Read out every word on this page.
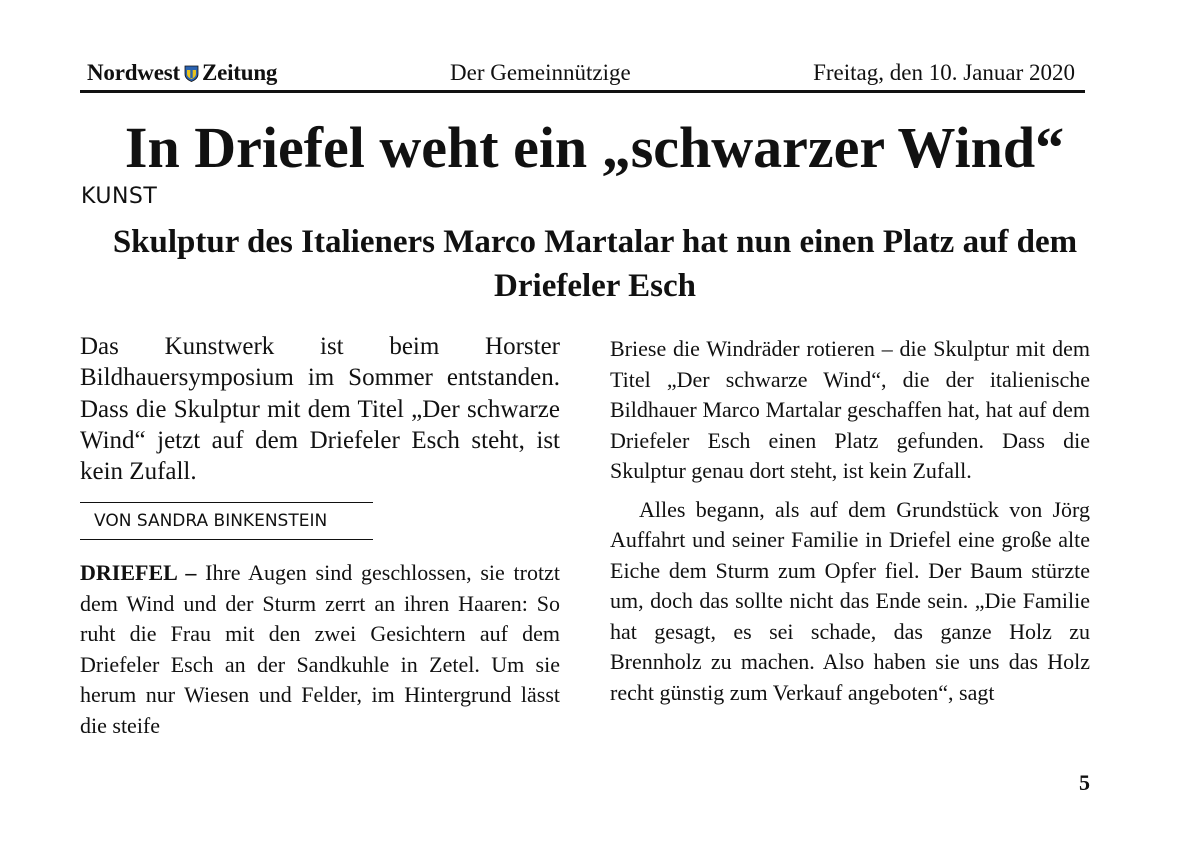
Nordwest Zeitung	Der Gemeinnützige	Freitag, den 10. Januar 2020
In Driefel weht ein „schwarzer Wind“
KUNST
Skulptur des Italieners Marco Martalar hat nun einen Platz auf dem Driefeler Esch

Das Kunstwerk ist beim Horster Bildhauersymposium im Sommer entstanden. Dass die Skulptur mit dem Titel „Der schwarze Wind“ jetzt auf dem Driefeler Esch steht, ist kein Zufall.

VON SANDRA BINKENSTEIN

DRIEFEL – Ihre Augen sind geschlossen, sie trotzt dem Wind und der Sturm zerrt an ihren Haaren: So ruht die Frau mit den zwei Gesichtern auf dem Driefeler Esch an der Sandkuhle in Zetel. Um sie herum nur Wiesen und Felder, im Hintergrund lässt die steife

Briese die Windräder rotieren – die Skulptur mit dem Titel „Der schwarze Wind“, die der italienische Bildhauer Marco Martalar geschaffen hat, hat auf dem Driefeler Esch einen Platz gefunden. Dass die Skulptur genau dort steht, ist kein Zufall.

Alles begann, als auf dem Grundstück von Jörg Auffahrt und seiner Familie in Driefel eine große alte Eiche dem Sturm zum Opfer fiel. Der Baum stürzte um, doch das sollte nicht das Ende sein. „Die Familie hat gesagt, es sei schade, das ganze Holz zu Brennholz zu machen. Also haben sie uns das Holz recht günstig zum Verkauf angeboten“, sagt

5
